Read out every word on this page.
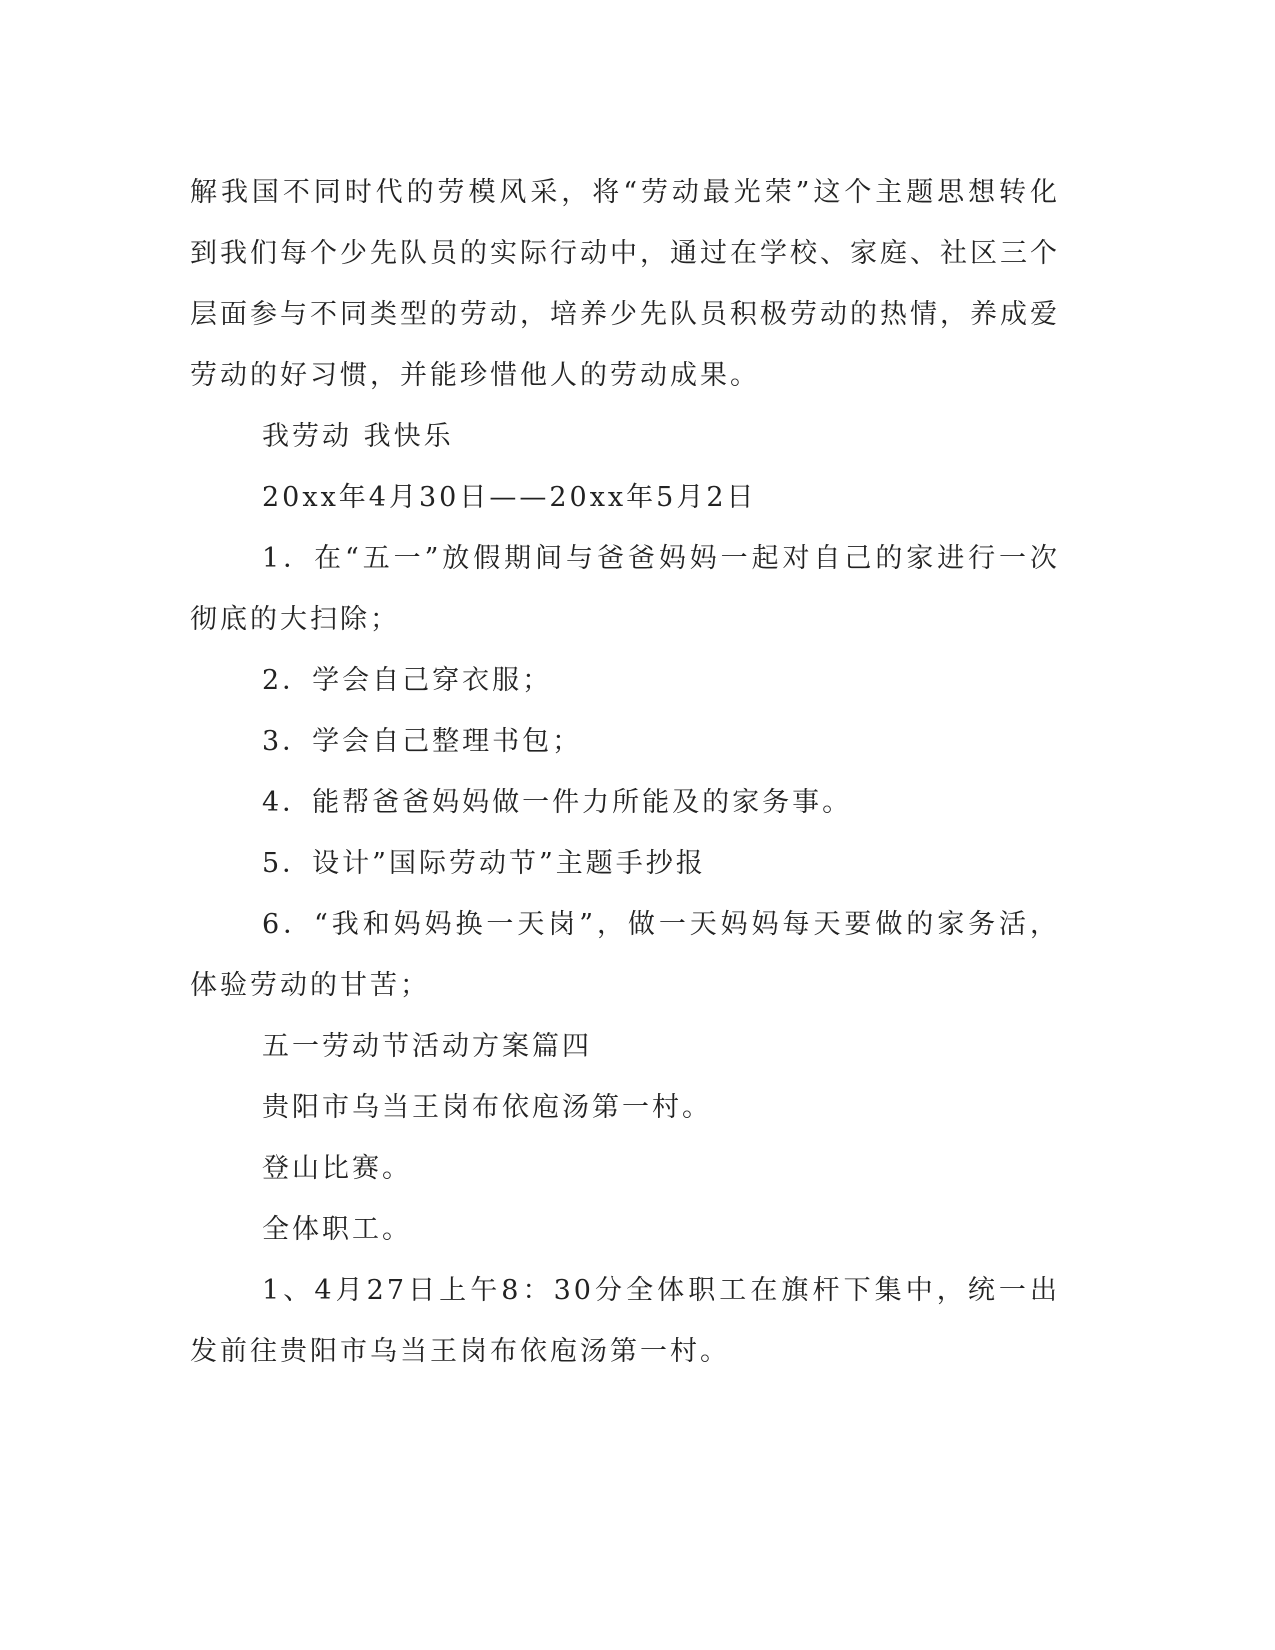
解我国不同时代的劳模风采，将“劳动最光荣”这个主题思想转化到我们每个少先队员的实际行动中，通过在学校、家庭、社区三个层面参与不同类型的劳动，培养少先队员积极劳动的热情，养成爱劳动的好习惯，并能珍惜他人的劳动成果。

我劳动 我快乐

20xx年4月30日——20xx年5月2日

1．在“五一”放假期间与爸爸妈妈一起对自己的家进行一次彻底的大扫除；

2．学会自己穿衣服；

3．学会自己整理书包；

4．能帮爸爸妈妈做一件力所能及的家务事。

5．设计”国际劳动节”主题手抄报

6．“我和妈妈换一天岗”，做一天妈妈每天要做的家务活，体验劳动的甘苦；

五一劳动节活动方案篇四

贵阳市乌当王岗布依庖汤第一村。

登山比赛。

全体职工。

1、4月27日上午8：30分全体职工在旗杆下集中，统一出发前往贵阳市乌当王岗布依庖汤第一村。
